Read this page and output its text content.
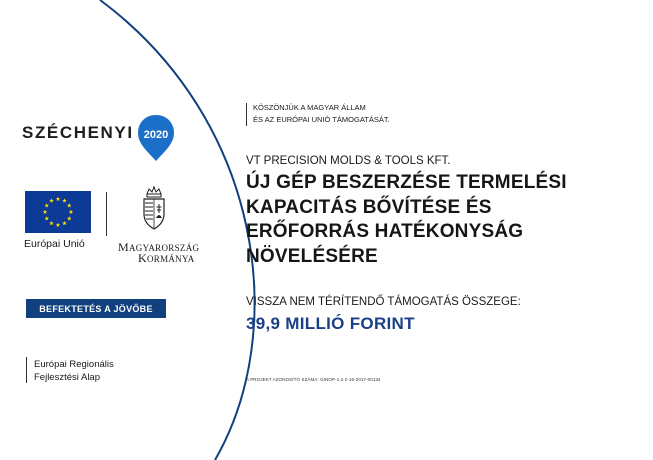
SZÉCHENYI 2020
Európai Unió	MAGYARORSZÁG
KORMÁNYA
BEFEKTETÉS A JÖVŐBE
Európai Regionális
Fejlesztési Alap
KÖSZÖNJÜK A MAGYAR ÁLLAM
ÉS AZ EURÓPAI UNIÓ TÁMOGATÁSÁT.
VT PRECISION MOLDS & TOOLS KFT.
ÚJ GÉP BESZERZÉSE TERMELÉSI
KAPACITÁS BŐVÍTÉSE ÉS
ERŐFORRÁS HATÉKONYSÁG
NÖVELÉSÉRE
VISSZA NEM TÉRÍTENDŐ TÁMOGATÁS ÖSSZEGE:
39,9 MILLIÓ FORINT
A PROJEKT AZONOSÍTÓ SZÁMA: GINOP-1.2.2-16-2017-00134
